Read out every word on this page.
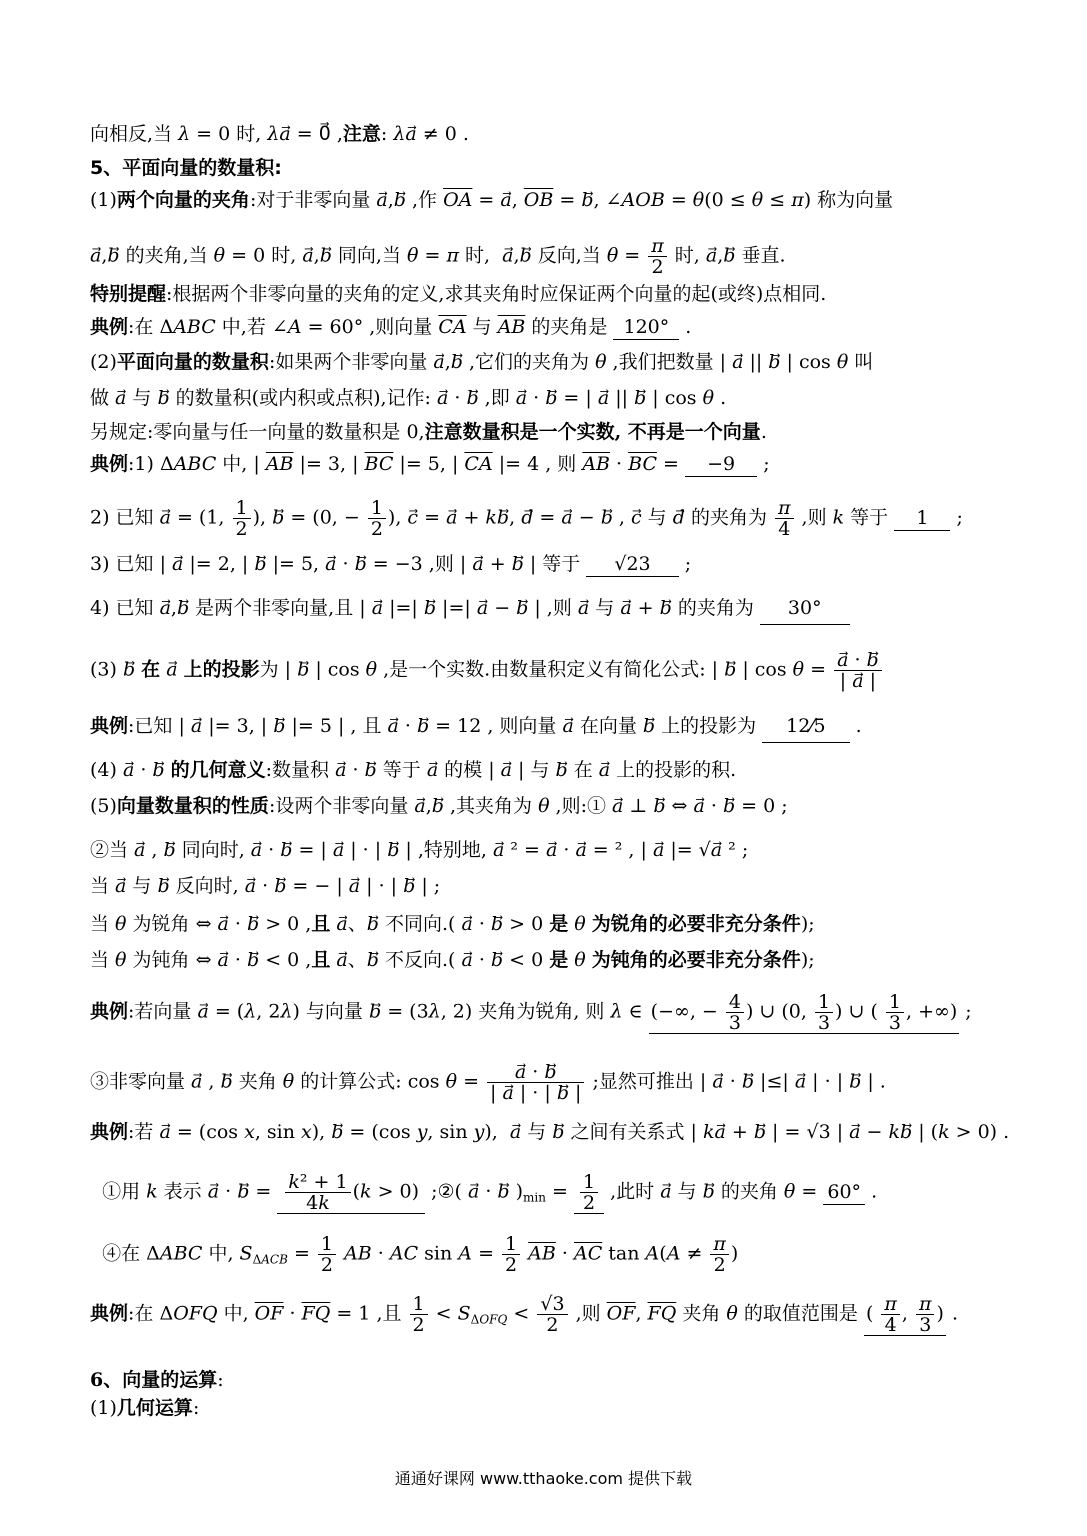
向相反,当 λ = 0 时, λa⃗ = 0⃗ ,注意: λa⃗ ≠ 0 .
5、平面向量的数量积:
(1)两个向量的夹角:对于非零向量 a⃗,b⃗ ,作 $\overline{OA}$ = a⃗, $\overline{OB}$ = b⃗, ∠AOB = θ(0 ≤ θ ≤ π) 称为向量
a⃗,b⃗ 的夹角,当 θ = 0 时, a⃗,b⃗ 同向,当 θ = π 时,  a⃗,b⃗ 反向,当 $\theta = \frac{\pi}{2}$ 时, a⃗,b⃗ 垂直.
特别提醒:根据两个非零向量的夹角的定义,求其夹角时应保证两个向量的起(或终)点相同.
典例:在 ΔABC 中,若 ∠A = 60° ,则向量 $\overline{CA}$ 与 $\overline{AB}$ 的夹角是 120° .
(2)平面向量的数量积:如果两个非零向量 a⃗,b⃗ ,它们的夹角为 θ ,我们把数量 | a⃗ || b⃗ | cos θ 叫
做 a⃗ 与 b⃗ 的数量积(或内积或点积),记作: a⃗ · b⃗ ,即 a⃗ · b⃗ = | a⃗ || b⃗ | cos θ .
另规定:零向量与任一向量的数量积是 0,注意数量积是一个实数, 不再是一个向量.
典例:1) ΔABC 中, | $\overline{AB}$ |= 3, | $\overline{BC}$ |= 5, | $\overline{CA}$ |= 4 , 则 $\overline{AB} \cdot \overline{BC} = -9$   ;
2) 已知 a⃗ = (1, $\frac{1}{2}$ ), b⃗ = (0, − $\frac{1}{2}$ ), c⃗ = a⃗ + kb⃗, d⃗ = a⃗ − b⃗ , c⃗ 与 d⃗ 的夹角为 $\frac{\pi}{4}$ ,则 k 等于   1   ;
3) 已知 | a⃗ |= 2, | b⃗ |= 5, a⃗ · b⃗ = −3 ,则 | a⃗ + b⃗ | 等于 √23 ;
4) 已知 a⃗,b⃗ 是两个非零向量,且 | a⃗ |=| b⃗ |=| a⃗ − b⃗ | ,则 a⃗ 与 a⃗ + b⃗ 的夹角为 30°
(3) b⃗ 在 a⃗ 上的投影为 | b⃗ | cos θ ,是一个实数.由数量积定义有简化公式: | b⃗ | $\cos \theta = \frac{a⃗ \cdot b}{| a⃗ |}$
典例:已知 | a⃗ |= 3, | b⃗ |= 5 | , 且 a⃗ · b⃗ = 12 , 则向量 a⃗ 在向量 b⃗ 上的投影为 12⁄5 .
(4) a⃗ · b⃗ 的几何意义:数量积 a⃗ · b⃗ 等于 a⃗ 的模 | a⃗ | 与 b⃗ 在 a⃗ 上的投影的积.
(5)向量数量积的性质:设两个非零向量 a⃗,b⃗ ,其夹角为 θ ,则:① a⃗ ⊥ b⃗ ⇔ a⃗ · b⃗ = 0 ;
②当 a⃗ , b⃗ 同向时, a⃗ · b⃗ = | a⃗ | · | b⃗ | ,特别地, a⃗ ² = a⃗ · a⃗ = ² , | a⃗ |= √a⃗ ² ;
当 a⃗ 与 b⃗ 反向时, a⃗ · b⃗ = − | a⃗ | · | b⃗ | ;
当 θ 为锐角 ⇔ a⃗ · b⃗ > 0 ,且 a⃗、b⃗ 不同向.( a⃗ · b⃗ > 0 是 θ 为锐角的必要非充分条件);
当 θ 为钝角 ⇔ a⃗ · b⃗ < 0 ,且 a⃗、b⃗ 不反向.( a⃗ · b⃗ < 0 是 θ 为钝角的必要非充分条件);
典例:若向量 a⃗ = (λ, 2λ) 与向量 b⃗ = (3λ, 2) 夹角为锐角, 则 λ ∈ (−∞, − $\frac{4}{3}$ ) ∪ (0, $\frac{1}{3}$ ) ∪ ( $\frac{1}{3}$ , +∞) ;
③非零向量 a⃗ , b⃗ 夹角 θ 的计算公式: $\cos \theta = \frac{a⃗ \cdot b}{| a⃗ | \cdot | b⃗ |}$ ;显然可推出 | a⃗ · b⃗ |≤| a⃗ | · | b⃗ | .
典例:若 a⃗ = (cos x, sin x), b⃗ = (cos y, sin y),  a⃗ 与 b⃗ 之间有关系式 | ka⃗ + b⃗ | = √3 | a⃗ − kb⃗ | (k > 0) .
①用 k 表示 a⃗ · b⃗ = $\frac{\text{k² + 1}}{4k} (k > 0)$ ;②( a⃗ · b⃗ )$_{min} = \frac{1}{2}$ ,此时 a⃗ 与 b⃗ 的夹角 θ = 60° .
④在 ΔABC 中, $S_{\Delta ACB} = \frac{1}{2}$ AB · AC $\sin A = \frac{1}{2} \overline{AB} \cdot \overline{AC}$ $\tan A(A \ne \frac{\pi}{2}$ )
典例:在 ΔOFQ 中, $\overline{OF} \cdot \overline{FQ} = 1$ ,且 $\frac{1}{2} < S_{\Delta OFQ} < \frac{√3}{2}$ ,则 $\overline{OF}$, $\overline{FQ}$ 夹角 θ 的取值范围是 ( $\frac{\pi}{4}$ , $\frac{\pi}{3}$ ) .
6、向量的运算:
(1)几何运算:
通通好课网 www.tthaoke.com 提供下载
